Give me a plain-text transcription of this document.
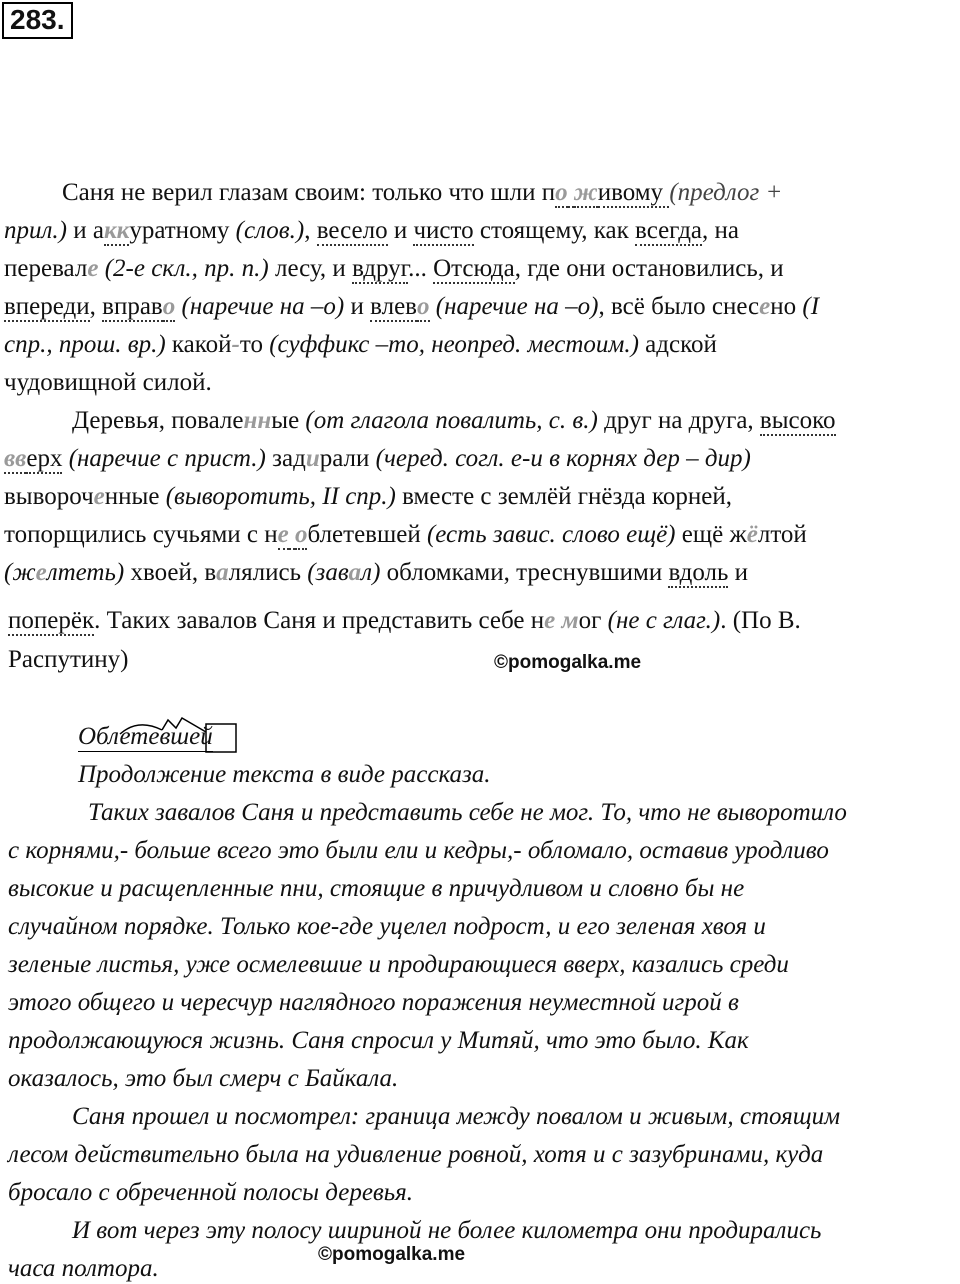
283.
Саня не верил глазам своим: только что шли по живому (предлог +
прил.) и аккуратному (слов.), весело и чисто стоящему, как всегда, на
перевале (2-е скл., пр. п.) лесу, и вдруг... Отсюда, где они остановились, и
впереди, вправо (наречие на –о) и влево (наречие на –о), всё было снесено (I
спр., прош. вр.) какой-то (суффикс –то, неопред. местоим.) адской
чудовищной силой.
Деревья, поваленные (от глагола повалить, с. в.) друг на друга, высоко
вверх (наречие с прист.) задирали (черед. согл. е-и в корнях дер – дир)
вывороченные (выворотить, II спр.) вместе с землёй гнёзда корней,
топорщились сучьями с не облетевшей (есть завис. слово ещё) ещё жёлтой
(желтеть) хвоей, валялись (завал) обломками, треснувшими вдоль и
поперёк. Таких завалов Саня и представить себе не мог (не с глаг.). (По В.
Распутину)	©pomogalka.me
Облетевшей
Продолжение текста в виде рассказа.
Таких завалов Саня и представить себе не мог. То, что не выворотило
с корнями,- больше всего это были ели и кедры,- обломало, оставив уродливо
высокие и расщепленные пни, стоящие в причудливом и словно бы не
случайном порядке. Только кое-где уцелел подрост, и его зеленая хвоя и
зеленые листья, уже осмелевшие и продирающиеся вверх, казались среди
этого общего и чересчур наглядного поражения неуместной игрой в
продолжающуюся жизнь. Саня спросил у Митяй, что это было. Как
оказалось, это был смерч с Байкала.
Саня прошел и посмотрел: граница между повалом и живым, стоящим
лесом действительно была на удивление ровной, хотя и с зазубринами, куда
бросало с обреченной полосы деревья.
И вот через эту полосу шириной не более километра они продирались
часа полтора.
©pomogalka.me
